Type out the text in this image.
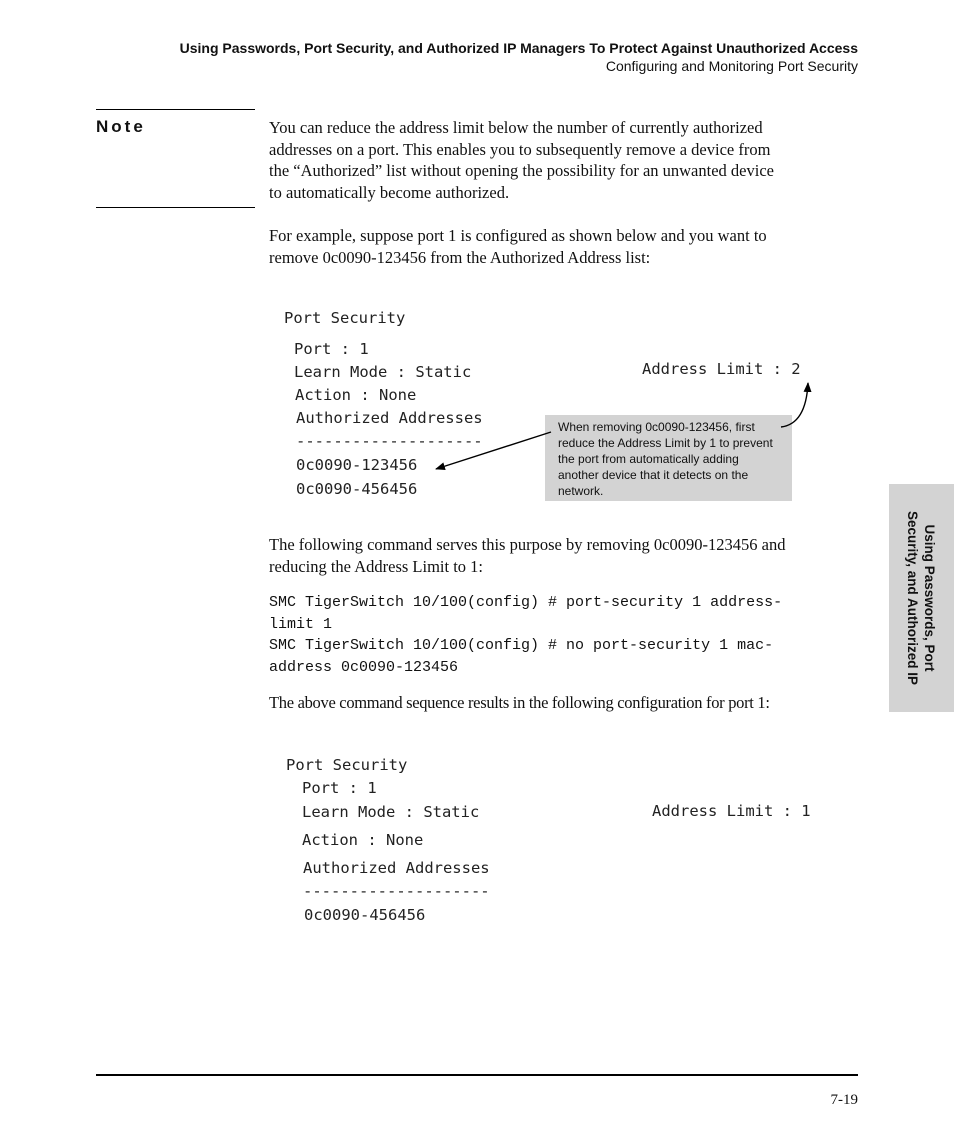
Using Passwords, Port Security, and Authorized IP Managers To Protect Against Unauthorized Access
Configuring and Monitoring Port Security
Note	You can reduce the address limit below the number of currently authorized
addresses on a port. This enables you to subsequently remove a device from
the “Authorized” list without opening the possibility for an unwanted device
to automatically become authorized.
For example, suppose port 1 is configured as shown below and you want to
remove 0c0090-123456 from the Authorized Address list:
Port Security
Port : 1
Learn Mode : Static
Action : None
Authorized Addresses
--------------------
0c0090-123456
0c0090-456456
Address Limit : 2
When removing 0c0090-123456, first
reduce the Address Limit by 1 to prevent
the port from automatically adding
another device that it detects on the
network.
The following command serves this purpose by removing 0c0090-123456 and
reducing the Address Limit to 1:
SMC TigerSwitch 10/100(config) # port-security 1 address-
limit 1
SMC TigerSwitch 10/100(config) # no port-security 1 mac-
address 0c0090-123456
The above command sequence results in the following configuration for port 1:
Port Security
Port : 1
Learn Mode : Static
Action : None
Authorized Addresses
--------------------
0c0090-456456
Address Limit : 1
Using Passwords, Port
Security, and Authorized IP
7-19
